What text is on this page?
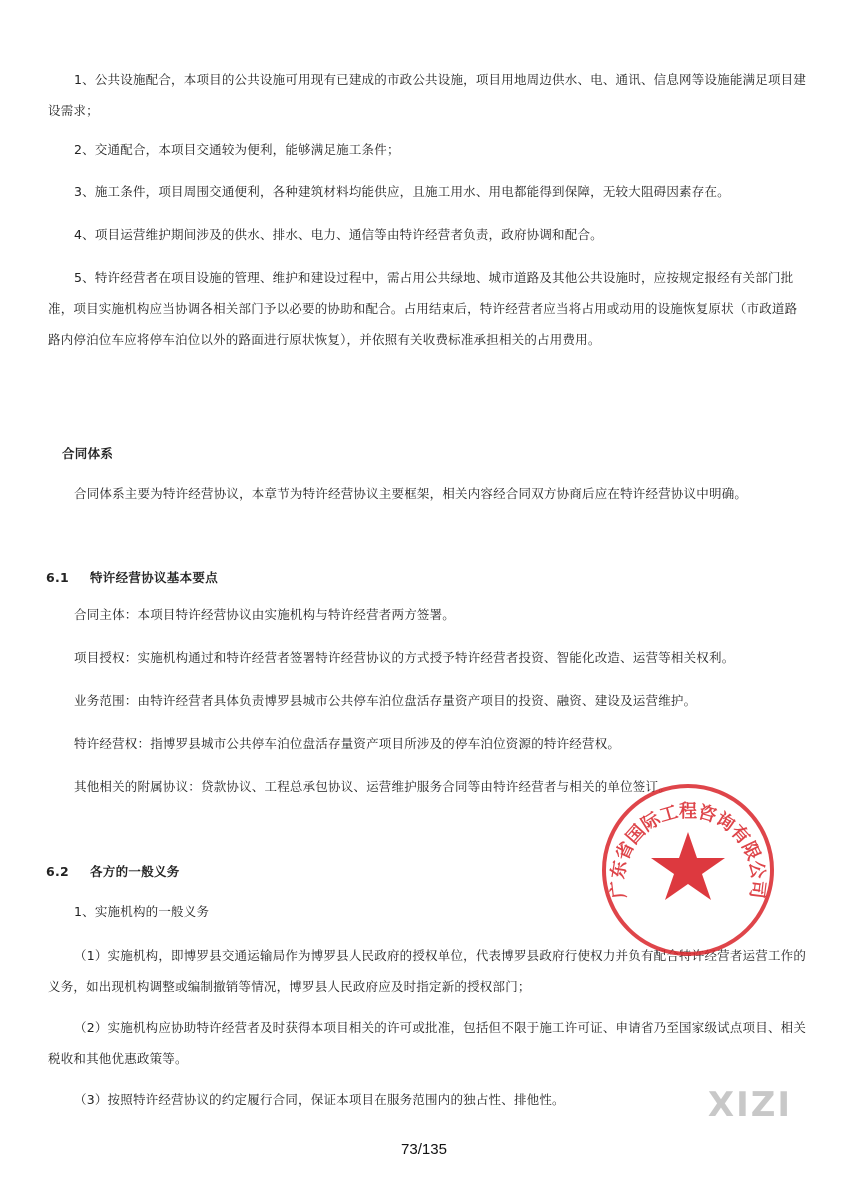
1、公共设施配合，本项目的公共设施可用现有已建成的市政公共设施，项目用地周边供水、电、通讯、信息网等设施能满足项目建设需求；

2、交通配合，本项目交通较为便利，能够满足施工条件；

3、施工条件，项目周围交通便利，各种建筑材料均能供应，且施工用水、用电都能得到保障，无较大阻碍因素存在。

4、项目运营维护期间涉及的供水、排水、电力、通信等由特许经营者负责，政府协调和配合。

5、特许经营者在项目设施的管理、维护和建设过程中，需占用公共绿地、城市道路及其他公共设施时，应按规定报经有关部门批准，项目实施机构应当协调各相关部门予以必要的协助和配合。占用结束后，特许经营者应当将占用或动用的设施恢复原状（市政道路路内停泊位车应将停车泊位以外的路面进行原状恢复），并依照有关收费标准承担相关的占用费用。

合同体系

合同体系主要为特许经营协议，本章节为特许经营协议主要框架，相关内容经合同双方协商后应在特许经营协议中明确。

6.1 特许经营协议基本要点

合同主体：本项目特许经营协议由实施机构与特许经营者两方签署。

项目授权：实施机构通过和特许经营者签署特许经营协议的方式授予特许经营者投资、智能化改造、运营等相关权利。

业务范围：由特许经营者具体负责博罗县城市公共停车泊位盘活存量资产项目的投资、融资、建设及运营维护。

特许经营权：指博罗县城市公共停车泊位盘活存量资产项目所涉及的停车泊位资源的特许经营权。

其他相关的附属协议：贷款协议、工程总承包协议、运营维护服务合同等由特许经营者与相关的单位签订。

6.2 各方的一般义务

1、实施机构的一般义务

（1）实施机构，即博罗县交通运输局作为博罗县人民政府的授权单位，代表博罗县政府行使权力并负有配合特许经营者运营工作的义务，如出现机构调整或编制撤销等情况，博罗县人民政府应及时指定新的授权部门；

（2）实施机构应协助特许经营者及时获得本项目相关的许可或批准，包括但不限于施工许可证、申请省乃至国家级试点项目、相关税收和其他优惠政策等。

（3）按照特许经营协议的约定履行合同，保证本项目在服务范围内的独占性、排他性。

广东省国际工程咨询有限公司
XIZI
73/135
